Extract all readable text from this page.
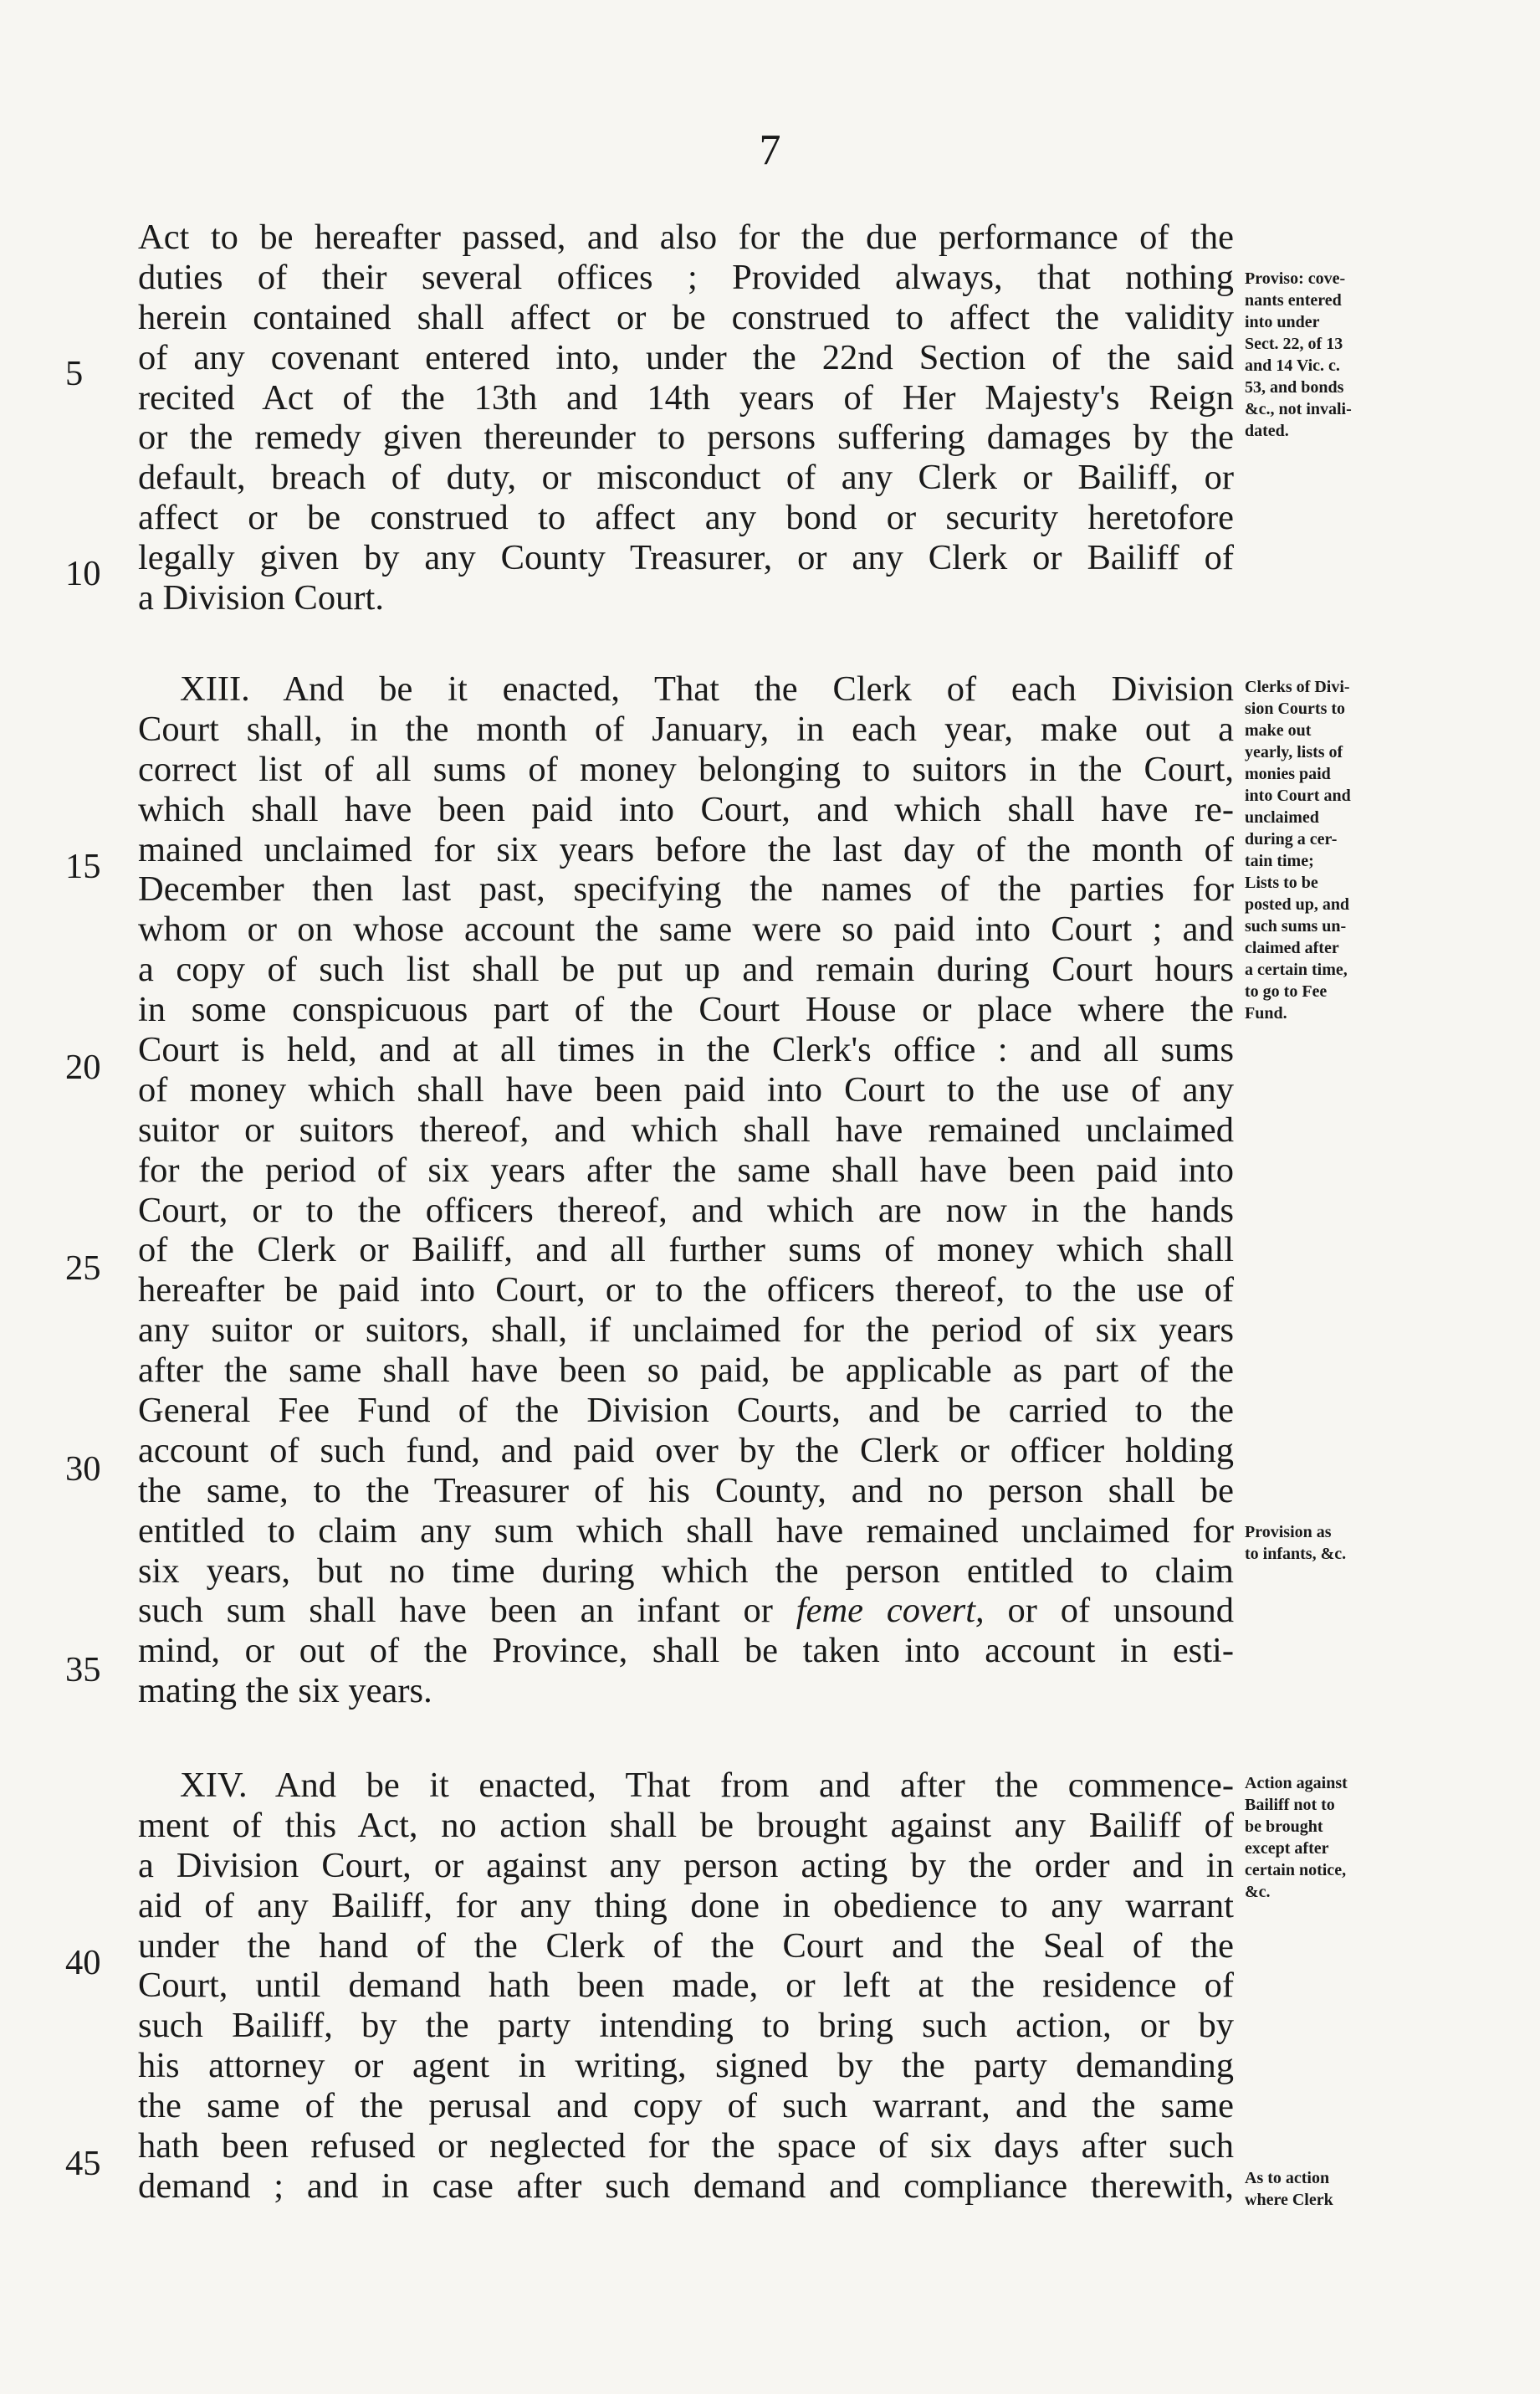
7
5
10
15
20
25
30
35
40
45
Act to be hereafter passed, and also for the due performance of the
duties of their several offices ; Provided always, that nothing
herein contained shall affect or be construed to affect the validity
of any covenant entered into, under the 22nd Section of the said
recited Act of the 13th and 14th years of Her Majesty's Reign
or the remedy given thereunder to persons suffering damages by the
default, breach of duty, or misconduct of any Clerk or Bailiff, or
affect or be construed to affect any bond or security heretofore
legally given by any County Treasurer, or any Clerk or Bailiff of
a Division Court.
XIII. And be it enacted, That the Clerk of each Division
Court shall, in the month of January, in each year, make out a
correct list of all sums of money belonging to suitors in the Court,
which shall have been paid into Court, and which shall have re-
mained unclaimed for six years before the last day of the month of
December then last past, specifying the names of the parties for
whom or on whose account the same were so paid into Court ; and
a copy of such list shall be put up and remain during Court hours
in some conspicuous part of the Court House or place where the
Court is held, and at all times in the Clerk's office : and all sums
of money which shall have been paid into Court to the use of any
suitor or suitors thereof, and which shall have remained unclaimed
for the period of six years after the same shall have been paid into
Court, or to the officers thereof, and which are now in the hands
of the Clerk or Bailiff, and all further sums of money which shall
hereafter be paid into Court, or to the officers thereof, to the use of
any suitor or suitors, shall, if unclaimed for the period of six years
after the same shall have been so paid, be applicable as part of the
General Fee Fund of the Division Courts, and be carried to the
account of such fund, and paid over by the Clerk or officer holding
the same, to the Treasurer of his County, and no person shall be
entitled to claim any sum which shall have remained unclaimed for
six years, but no time during which the person entitled to claim
such sum shall have been an infant or feme covert, or of unsound
mind, or out of the Province, shall be taken into account in esti-
mating the six years.
XIV. And be it enacted, That from and after the commence-
ment of this Act, no action shall be brought against any Bailiff of
a Division Court, or against any person acting by the order and in
aid of any Bailiff, for any thing done in obedience to any warrant
under the hand of the Clerk of the Court and the Seal of the
Court, until demand hath been made, or left at the residence of
such Bailiff, by the party intending to bring such action, or by
his attorney or agent in writing, signed by the party demanding
the same of the perusal and copy of such warrant, and the same
hath been refused or neglected for the space of six days after such
demand ; and in case after such demand and compliance therewith,
Proviso: cove-
nants entered
into under
Sect. 22, of 13
and 14 Vic. c.
53, and bonds
&c., not invali-
dated.
Clerks of Divi-
sion Courts to
make out
yearly, lists of
monies paid
into Court and
unclaimed
during a cer-
tain time;
Lists to be
posted up, and
such sums un-
claimed after
a certain time,
to go to Fee
Fund.
Provision as
to infants, &c.
Action against
Bailiff not to
be brought
except after
certain notice,
&c.
As to action
where Clerk
